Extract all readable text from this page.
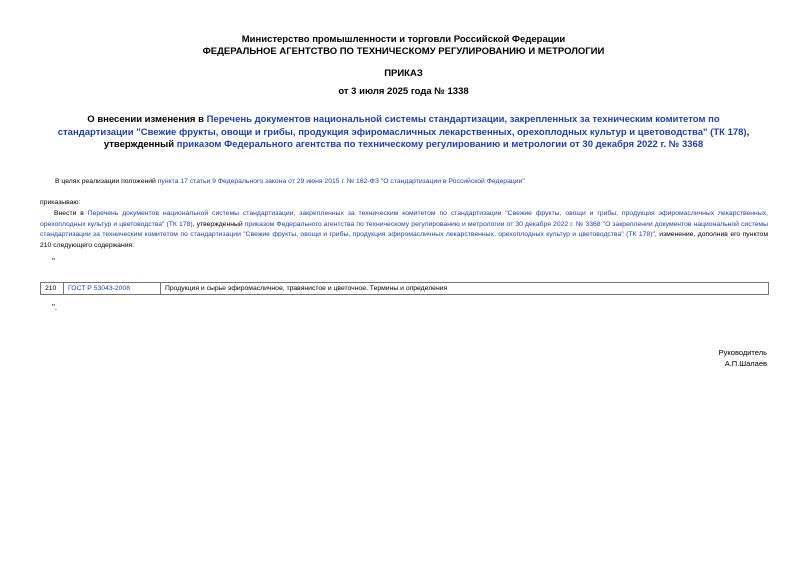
Министерство промышленности и торговли Российской Федерации
ФЕДЕРАЛЬНОЕ АГЕНТСТВО ПО ТЕХНИЧЕСКОМУ РЕГУЛИРОВАНИЮ И МЕТРОЛОГИИ
ПРИКАЗ
от 3 июля 2025 года № 1338
О внесении изменения в Перечень документов национальной системы стандартизации, закрепленных за техническим комитетом по стандартизации "Свежие фрукты, овощи и грибы, продукция эфиромасличных лекарственных, орехоплодных культур и цветоводства" (ТК 178), утвержденный приказом Федерального агентства по техническому регулированию и метрологии от 30 декабря 2022 г. № 3368
В целях реализации положений пункта 17 статьи 9 Федерального закона от 29 июня 2015 г. № 162-ФЗ "О стандартизации в Российской Федерации"
приказываю:
Внести в Перечень документов национальной системы стандартизации, закрепленных за техническим комитетом по стандартизации "Свежие фрукты, овощи и грибы, продукция эфиромасличных лекарственных, орехоплодных культур и цветоводства" (ТК 178), утвержденный приказом Федерального агентства по техническому регулированию и метрологии от 30 декабря 2022 г. № 3368 "О закреплении документов национальной системы стандартизации за техническим комитетом по стандартизации "Свежие фрукты, овощи и грибы, продукция эфиромасличных лекарственных, орехоплодных культур и цветоводства" (ТК 178)", изменение, дополнив его пунктом 210 следующего содержания:
"
210	ГОСТ Р 53043-2008	Продукция и сырье эфиромасличное, травянистое и цветочное. Термины и определения
".
Руководитель
А.П.Шалаев
